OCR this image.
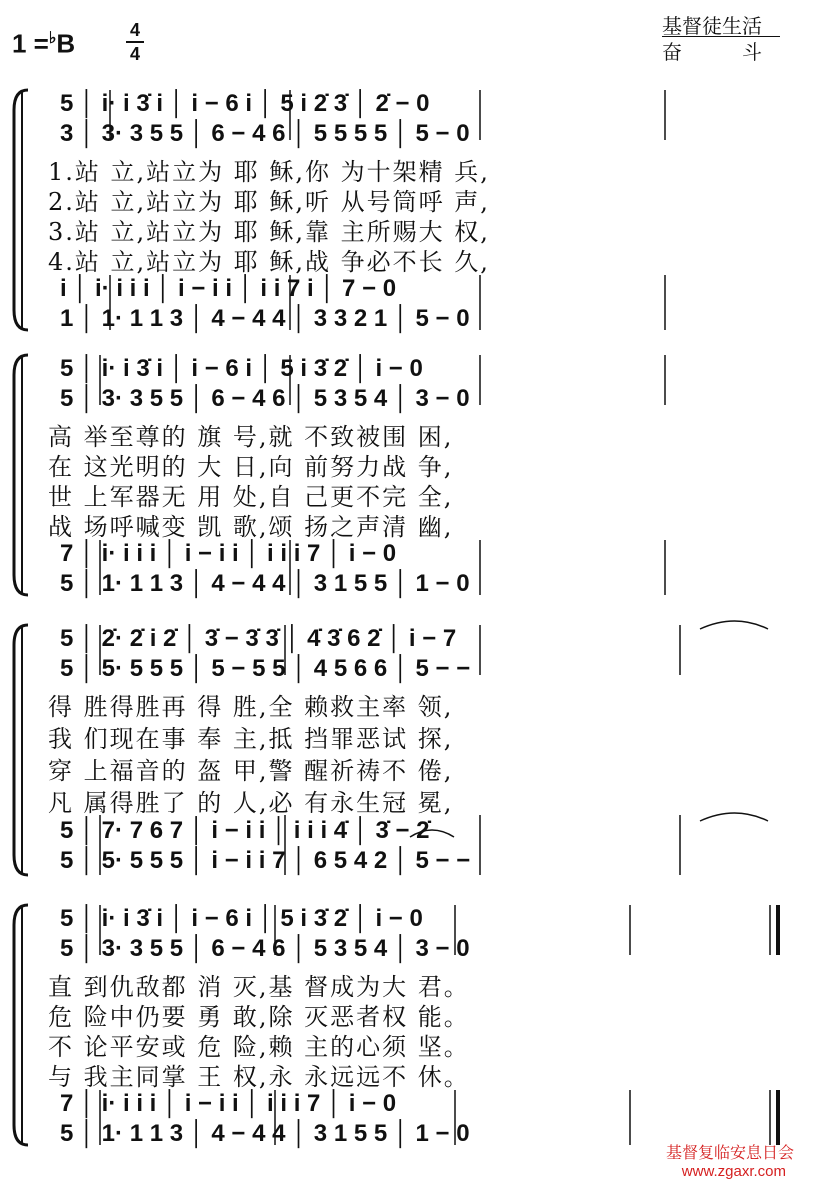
1 =♭B	4
4
基督徒生活
奋斗
5 │ i· i 3̇ i │ i − 6 i │ 5 i 2̇ 3̇ │ 2̇ − 0
3 │ 3· 3 5 5 │ 6 − 4 6 │ 5 5 5 5 │ 5 − 0
1.站 立,站立为 耶 稣,你 为十架精 兵,
2.站 立,站立为 耶 稣,听 从号筒呼 声,
3.站 立,站立为 耶 稣,靠 主所赐大 权,
4.站 立,站立为 耶 稣,战 争必不长 久,
i │ i· i i i │ i − i i │ i i 7 i │ 7 − 0
1 │ 1· 1 1 3 │ 4 − 4 4 │ 3 3 2 1 │ 5 − 0
5 │ i· i 3̇ i │ i − 6 i │ 5 i 3̇ 2̇ │ i − 0
5 │ 3· 3 5 5 │ 6 − 4 6 │ 5 3 5 4 │ 3 − 0
高 举至尊的 旗 号,就 不致被围 困,
在 这光明的 大 日,向 前努力战 争,
世 上军器无 用 处,自 己更不完 全,
战 场呼喊变 凯 歌,颂 扬之声清 幽,
7 │ i· i i i │ i − i i │ i i i 7 │ i − 0
5 │ 1· 1 1 3 │ 4 − 4 4 │ 3 1 5 5 │ 1 − 0
5 │ 2̇· 2̇ i 2̇ │ 3̇ − 3̇ 3̇ │ 4̇ 3̇ 6 2̇ │ i − 7
5 │ 5· 5 5 5 │ 5 − 5 5 │ 4 5 6 6 │ 5 − −
得 胜得胜再 得 胜,全 赖救主率 领,
我 们现在事 奉 主,抵 挡罪恶试 探,
穿 上福音的 盔 甲,警 醒祈祷不 倦,
凡 属得胜了 的 人,必 有永生冠 冕,
5 │ 7· 7 6 7 │ i − i i │ i i i 4̇ │ 3̇ − 2̇
5 │ 5· 5 5 5 │ i − i i 7 │ 6 5 4 2 │ 5 − −
5 │ i· i 3̇ i │ i − 6 i │ 5 i 3̇ 2̇ │ i − 0
5 │ 3· 3 5 5 │ 6 − 4 6 │ 5 3 5 4 │ 3 − 0
直 到仇敌都 消 灭,基 督成为大 君。
危 险中仍要 勇 敢,除 灭恶者权 能。
不 论平安或 危 险,赖 主的心须 坚。
与 我主同掌 王 权,永 永远远不 休。
7 │ i· i i i │ i − i i │ i i i 7 │ i − 0
5 │ 1· 1 1 3 │ 4 − 4 4 │ 3 1 5 5 │ 1 − 0
基督复临安息日会
www.zgaxr.com
